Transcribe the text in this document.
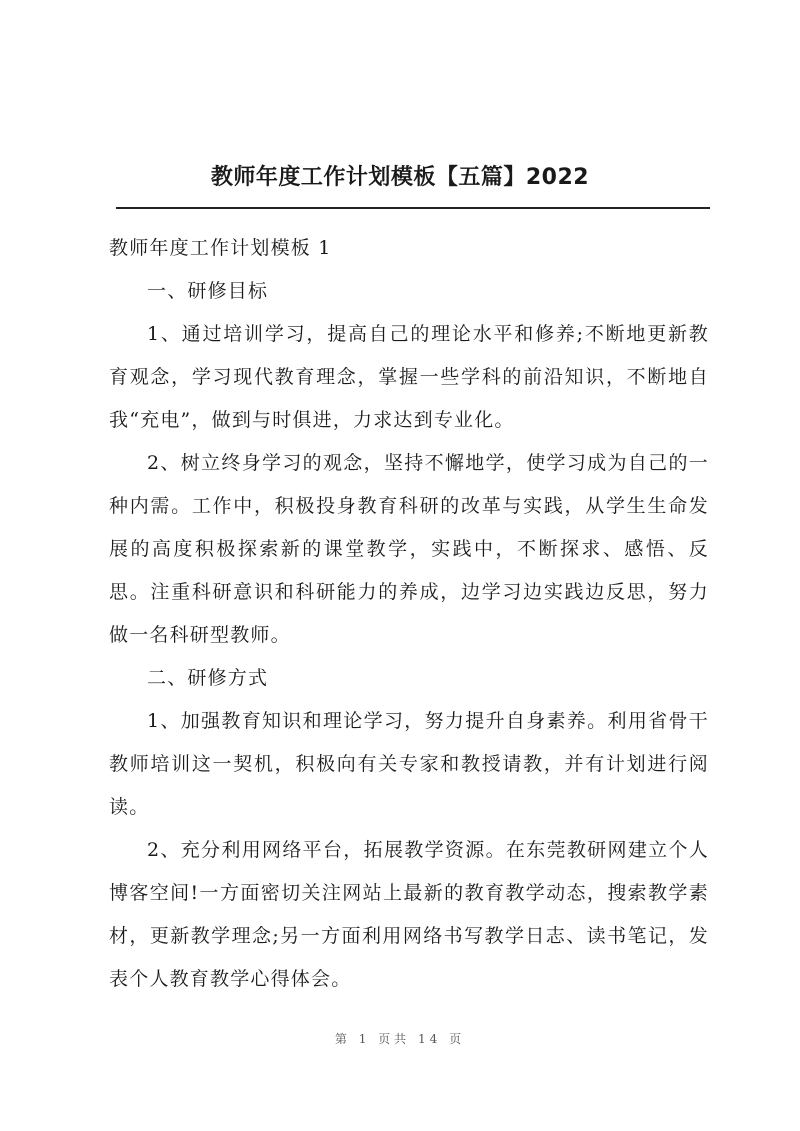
教师年度工作计划模板【五篇】2022

教师年度工作计划模板 1

一、研修目标

1、通过培训学习，提高自己的理论水平和修养;不断地更新教育观念，学习现代教育理念，掌握一些学科的前沿知识，不断地自我“充电”，做到与时俱进，力求达到专业化。

2、树立终身学习的观念，坚持不懈地学，使学习成为自己的一种内需。工作中，积极投身教育科研的改革与实践，从学生生命发展的高度积极探索新的课堂教学，实践中，不断探求、感悟、反思。注重科研意识和科研能力的养成，边学习边实践边反思，努力做一名科研型教师。

二、研修方式

1、加强教育知识和理论学习，努力提升自身素养。利用省骨干教师培训这一契机，积极向有关专家和教授请教，并有计划进行阅读。

2、充分利用网络平台，拓展教学资源。在东莞教研网建立个人博客空间!一方面密切关注网站上最新的教育教学动态，搜索教学素材，更新教学理念;另一方面利用网络书写教学日志、读书笔记，发表个人教育教学心得体会。

第 1 页共 14 页
